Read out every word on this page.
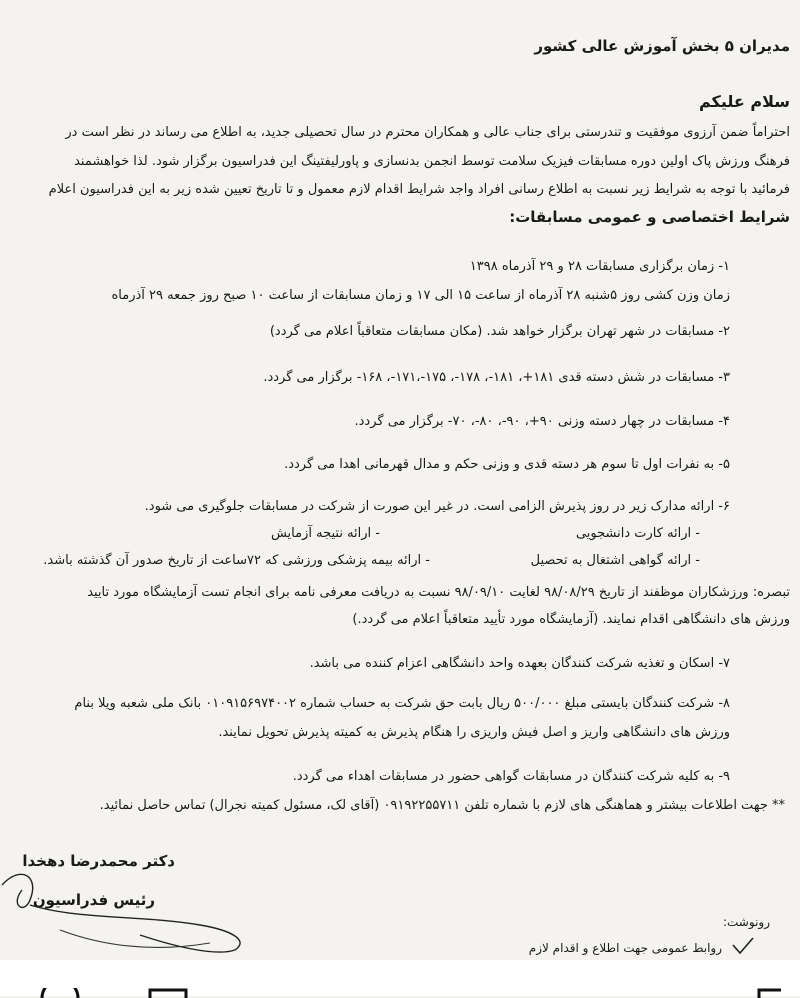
مدیران ۵ بخش آموزش عالی کشور
سلام علیکم
احتراماً ضمن آرزوی موفقیت و تندرستی برای جناب عالی و همکاران محترم در سال تحصیلی جدید، به اطلاع می رساند در نظر است در
فرهنگ ورزش پاک اولین دوره مسابقات فیزیک سلامت توسط انجمن بدنسازی و پاورلیفتینگ این فدراسیون برگزار شود. لذا خواهشمند
فرمائید با توجه به شرایط زیر نسبت به اطلاع رسانی افراد واجد شرایط اقدام لازم معمول و تا تاریخ تعیین شده زیر به این فدراسیون اعلام
شرایط اختصاصی و عمومی مسابقات:
۱- زمان برگزاری مسابقات ۲۸ و ۲۹ آذرماه ۱۳۹۸
زمان وزن کشی روز ۵شنبه ۲۸ آذرماه از ساعت ۱۵ الی ۱۷ و زمان مسابقات از ساعت ۱۰ صبح روز جمعه ۲۹ آذرماه
۲- مسابقات در شهر تهران برگزار خواهد شد. (مکان مسابقات متعاقباً اعلام می گردد)
۳- مسابقات در شش دسته قدی ۱۸۱+، ۱۸۱-، ۱۷۸-، ۱۷۵-،۱۷۱-، ۱۶۸- برگزار می گردد.
۴- مسابقات در چهار دسته وزنی ۹۰+، ۹۰-، ۸۰-، ۷۰- برگزار می گردد.
۵- به نفرات اول تا سوم هر دسته قدی و وزنی حکم و مدال قهرمانی اهدا می گردد.
۶- ارائه مدارک زیر در روز پذیرش الزامی است. در غیر این صورت از شرکت در مسابقات جلوگیری می شود.
- ارائه کارت دانشجویی
- ارائه نتیجه آزمایش
- ارائه گواهی اشتغال به تحصیل
- ارائه بیمه پزشکی ورزشی که ۷۲ساعت از تاریخ صدور آن گذشته باشد.
تبصره: ورزشکاران موظفند از تاریخ ۹۸/۰۸/۲۹ لغایت ۹۸/۰۹/۱۰ نسبت به دریافت معرفی نامه برای انجام تست آزمایشگاه مورد تایید
ورزش های دانشگاهی اقدام نمایند. (آزمایشگاه مورد تأیید متعاقباً اعلام می گردد.)
۷- اسکان و تغذیه شرکت کنندگان بعهده واحد دانشگاهی اعزام کننده می باشد.
۸- شرکت کنندگان بایستی مبلغ ۵۰۰/۰۰۰ ریال بابت حق شرکت به حساب شماره ۰۱۰۹۱۵۶۹۷۴۰۰۲ بانک ملی شعبه ویلا بنام
ورزش های دانشگاهی واریز و اصل فیش واریزی را هنگام پذیرش به کمیته پذیرش تحویل نمایند.
۹- به کلیه شرکت کنندگان در مسابقات گواهی حضور در مسابقات اهداء می گردد.
** جهت اطلاعات بیشتر و هماهنگی های لازم با شماره تلفن ۰۹۱۹۲۲۵۵۷۱۱ (آقای لک، مسئول کمیته نجرال) تماس حاصل نمائید.
دکتر محمدرضا دهخدا
رئیس فدراسیون
رونوشت:
روابط عمومی جهت اطلاع و اقدام لازم
